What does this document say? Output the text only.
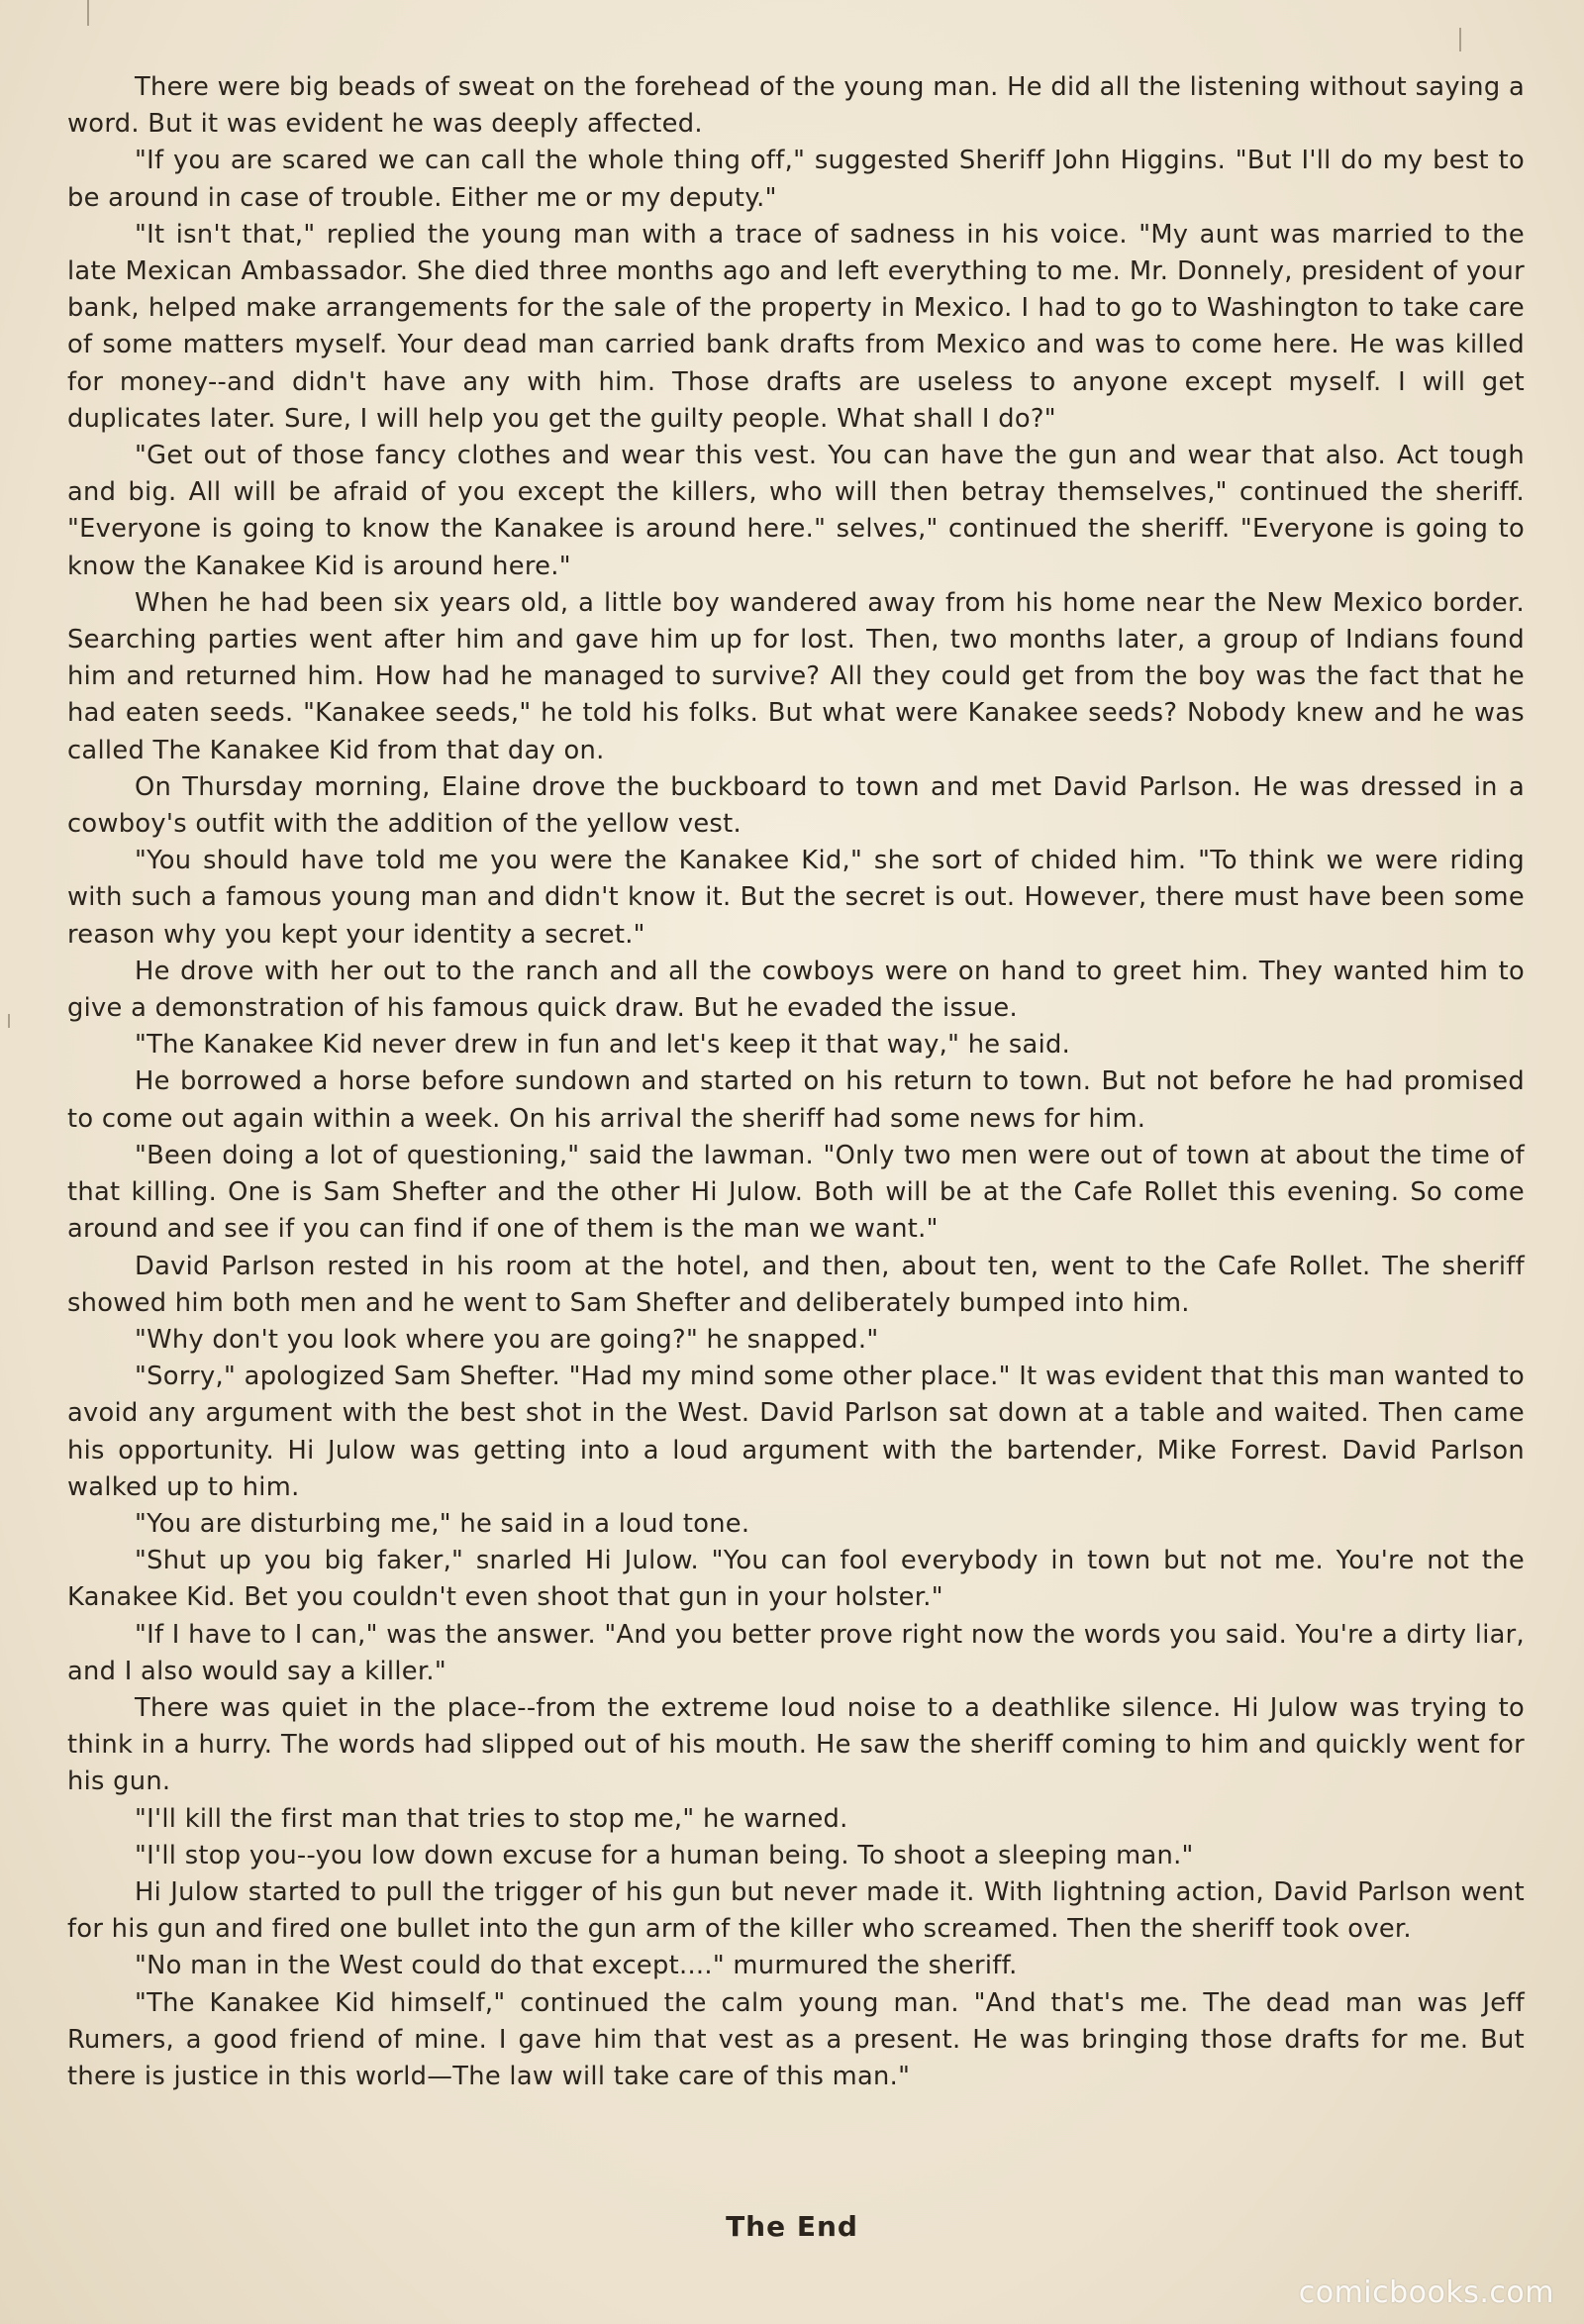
There were big beads of sweat on the forehead of the young man. He did all the listening without saying a word. But it was evident he was deeply affected.

"If you are scared we can call the whole thing off," suggested Sheriff John Higgins. "But I'll do my best to be around in case of trouble. Either me or my deputy."

"It isn't that," replied the young man with a trace of sadness in his voice. "My aunt was married to the late Mexican Ambassador. She died three months ago and left everything to me. Mr. Donnely, president of your bank, helped make arrangements for the sale of the property in Mexico. I had to go to Washington to take care of some matters myself. Your dead man carried bank drafts from Mexico and was to come here. He was killed for money--and didn't have any with him. Those drafts are useless to anyone except myself. I will get duplicates later. Sure, I will help you get the guilty people. What shall I do?"

"Get out of those fancy clothes and wear this vest. You can have the gun and wear that also. Act tough and big. All will be afraid of you except the killers, who will then betray themselves," continued the sheriff. "Everyone is going to know the Kanakee is around here." selves," continued the sheriff. "Everyone is going to know the Kanakee Kid is around here."

When he had been six years old, a little boy wandered away from his home near the New Mexico border. Searching parties went after him and gave him up for lost. Then, two months later, a group of Indians found him and returned him. How had he managed to survive? All they could get from the boy was the fact that he had eaten seeds. "Kanakee seeds," he told his folks. But what were Kanakee seeds? Nobody knew and he was called The Kanakee Kid from that day on.

On Thursday morning, Elaine drove the buckboard to town and met David Parlson. He was dressed in a cowboy's outfit with the addition of the yellow vest.

"You should have told me you were the Kanakee Kid," she sort of chided him. "To think we were riding with such a famous young man and didn't know it. But the secret is out. However, there must have been some reason why you kept your identity a secret."

He drove with her out to the ranch and all the cowboys were on hand to greet him. They wanted him to give a demonstration of his famous quick draw. But he evaded the issue.

"The Kanakee Kid never drew in fun and let's keep it that way," he said.

He borrowed a horse before sundown and started on his return to town. But not before he had promised to come out again within a week. On his arrival the sheriff had some news for him.

"Been doing a lot of questioning," said the lawman. "Only two men were out of town at about the time of that killing. One is Sam Shefter and the other Hi Julow. Both will be at the Cafe Rollet this evening. So come around and see if you can find if one of them is the man we want."

David Parlson rested in his room at the hotel, and then, about ten, went to the Cafe Rollet. The sheriff showed him both men and he went to Sam Shefter and deliberately bumped into him.

"Why don't you look where you are going?" he snapped."

"Sorry," apologized Sam Shefter. "Had my mind some other place." It was evident that this man wanted to avoid any argument with the best shot in the West. David Parlson sat down at a table and waited. Then came his opportunity. Hi Julow was getting into a loud argument with the bartender, Mike Forrest. David Parlson walked up to him.

"You are disturbing me," he said in a loud tone.

"Shut up you big faker," snarled Hi Julow. "You can fool everybody in town but not me. You're not the Kanakee Kid. Bet you couldn't even shoot that gun in your holster."

"If I have to I can," was the answer. "And you better prove right now the words you said. You're a dirty liar, and I also would say a killer."

There was quiet in the place--from the extreme loud noise to a deathlike silence. Hi Julow was trying to think in a hurry. The words had slipped out of his mouth. He saw the sheriff coming to him and quickly went for his gun.

"I'll kill the first man that tries to stop me," he warned.

"I'll stop you--you low down excuse for a human being. To shoot a sleeping man."

Hi Julow started to pull the trigger of his gun but never made it. With lightning action, David Parlson went for his gun and fired one bullet into the gun arm of the killer who screamed. Then the sheriff took over.

"No man in the West could do that except...." murmured the sheriff.

"The Kanakee Kid himself," continued the calm young man. "And that's me. The dead man was Jeff Rumers, a good friend of mine. I gave him that vest as a present. He was bringing those drafts for me. But there is justice in this world—The law will take care of this man."

The End
comicbooks.com
